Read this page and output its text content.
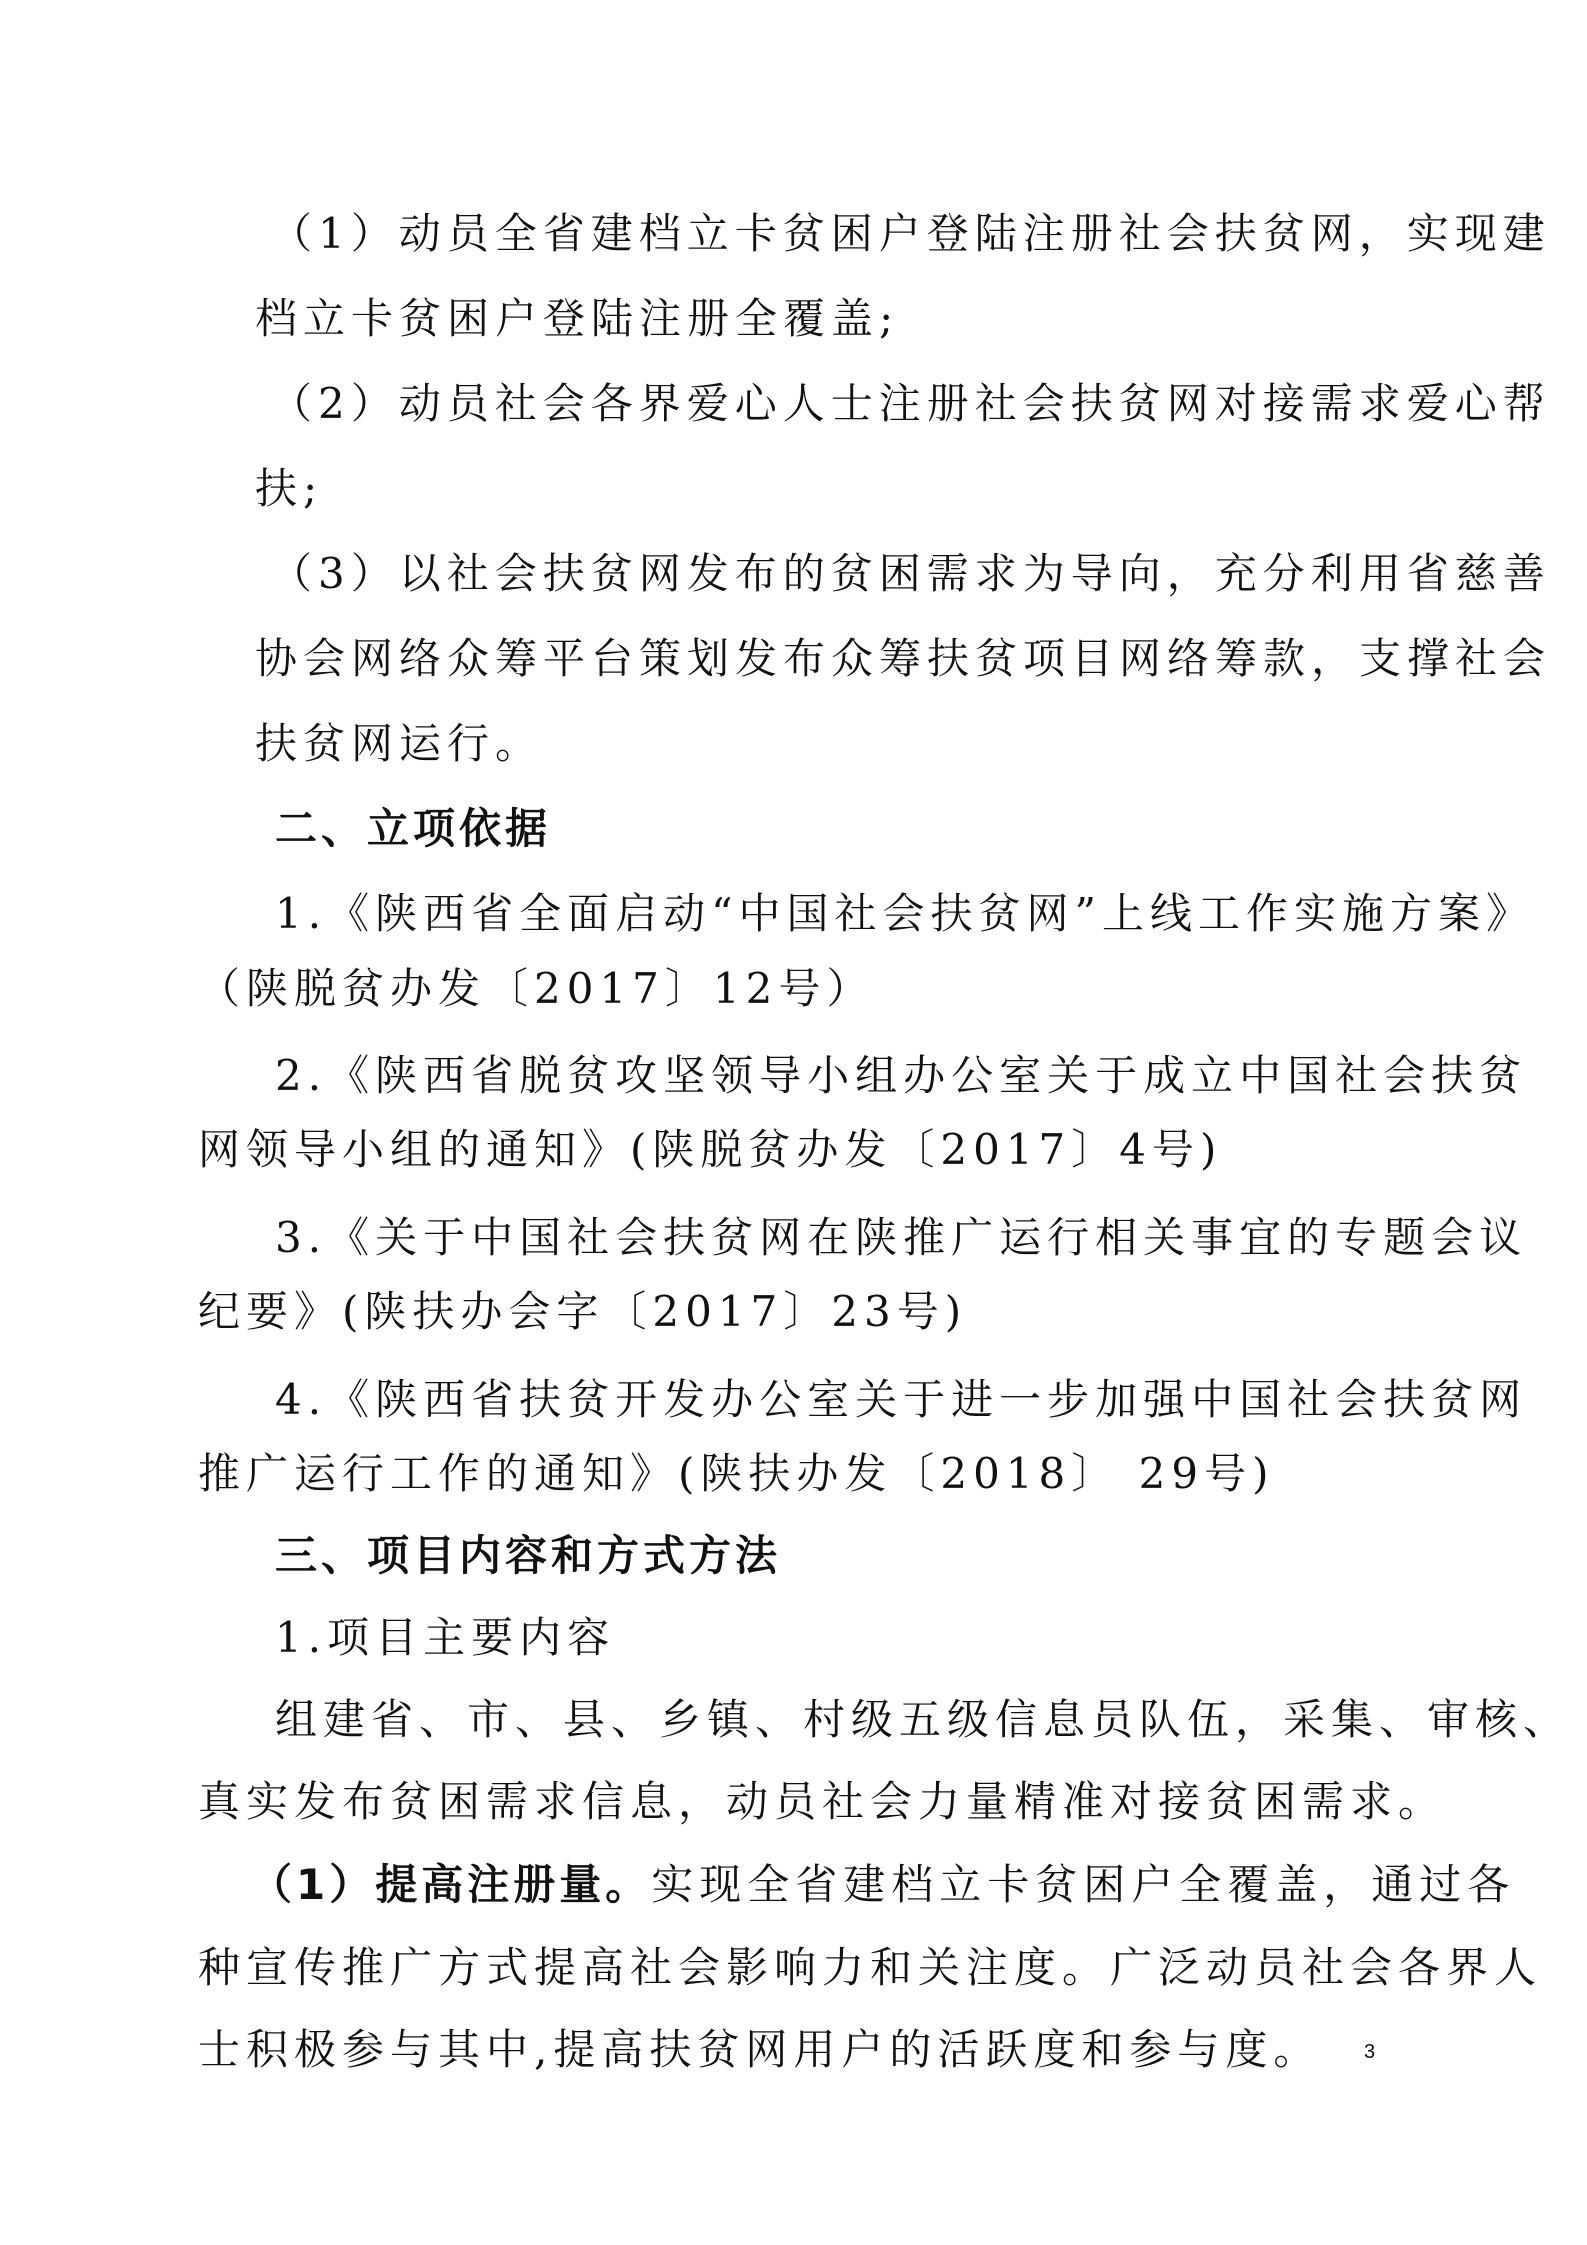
（1）动员全省建档立卡贫困户登陆注册社会扶贫网，实现建
档立卡贫困户登陆注册全覆盖;
（2）动员社会各界爱心人士注册社会扶贫网对接需求爱心帮
扶;
（3）以社会扶贫网发布的贫困需求为导向，充分利用省慈善
协会网络众筹平台策划发布众筹扶贫项目网络筹款，支撑社会
扶贫网运行。
二、立项依据
1.《陕西省全面启动“中国社会扶贫网”上线工作实施方案》
（陕脱贫办发〔2017〕12号）
2.《陕西省脱贫攻坚领导小组办公室关于成立中国社会扶贫
网领导小组的通知》(陕脱贫办发〔2017〕4号)
3.《关于中国社会扶贫网在陕推广运行相关事宜的专题会议
纪要》(陕扶办会字〔2017〕23号)
4.《陕西省扶贫开发办公室关于进一步加强中国社会扶贫网
推广运行工作的通知》(陕扶办发〔2018〕 29号)
三、项目内容和方式方法
1.项目主要内容
组建省、市、县、乡镇、村级五级信息员队伍，采集、审核、
真实发布贫困需求信息，动员社会力量精准对接贫困需求。
（1）提高注册量。实现全省建档立卡贫困户全覆盖，通过各
种宣传推广方式提高社会影响力和关注度。广泛动员社会各界人
士积极参与其中,提高扶贫网用户的活跃度和参与度。 3
